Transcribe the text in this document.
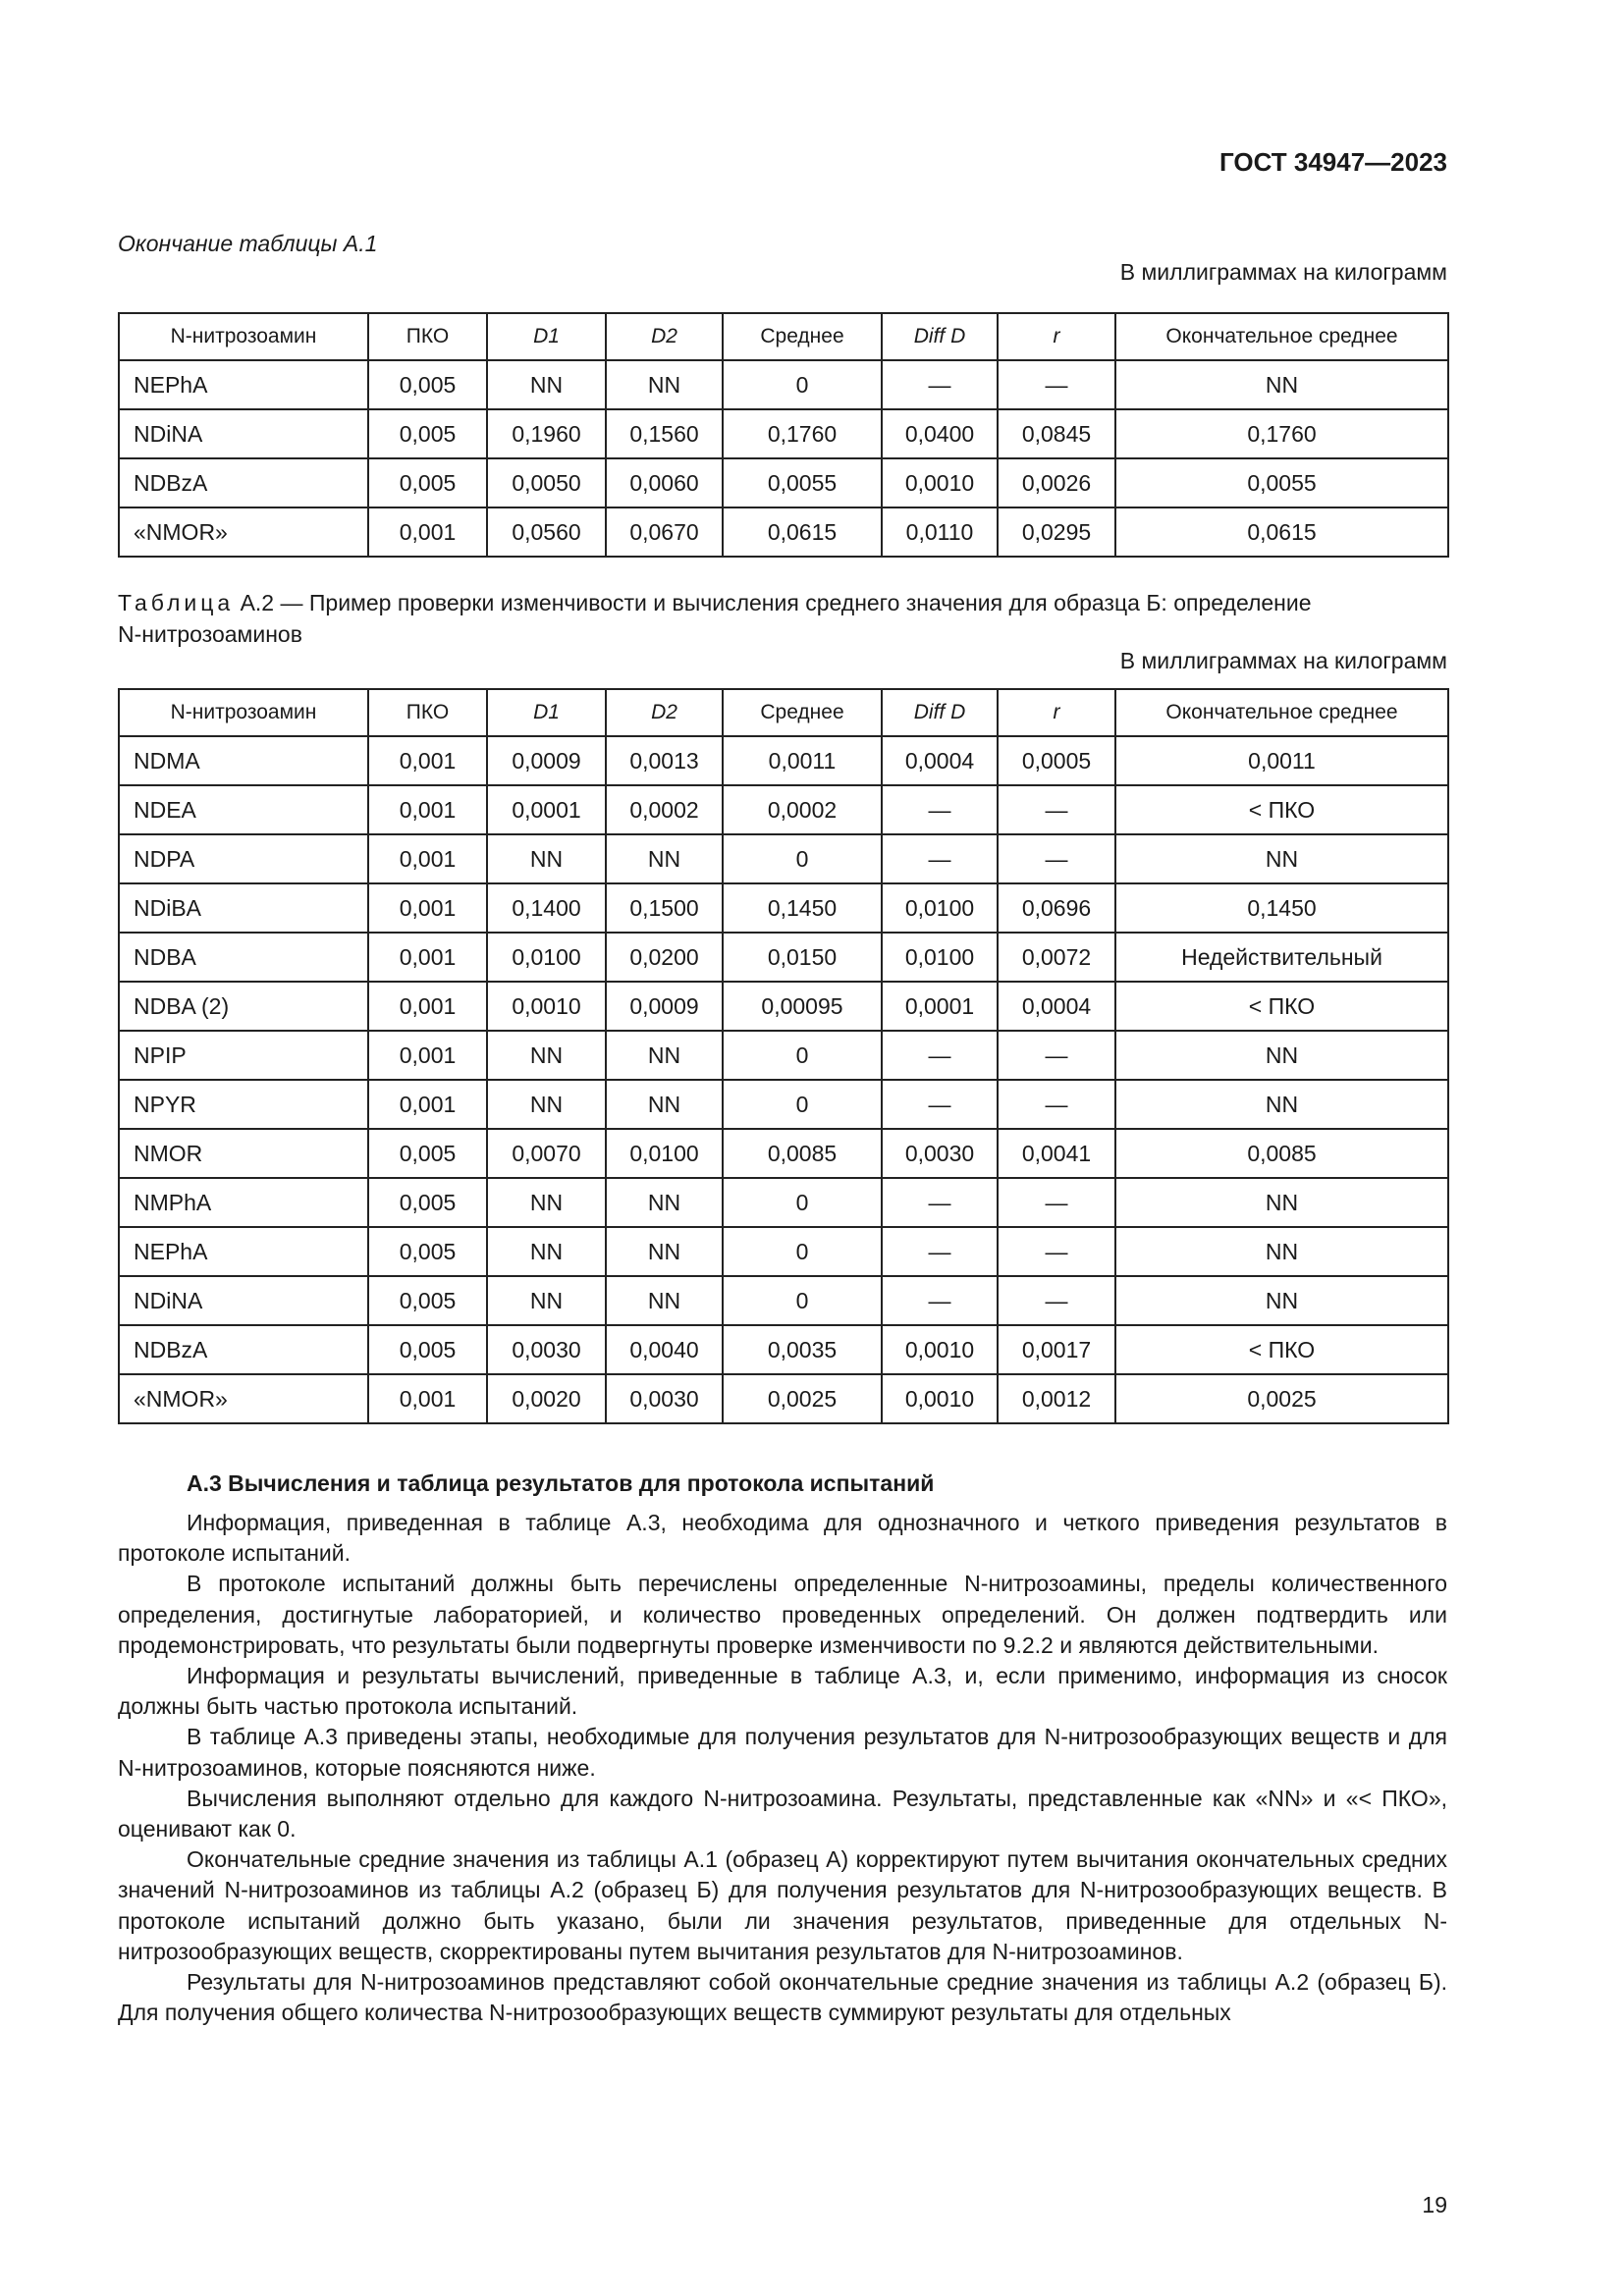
ГОСТ 34947—2023
Окончание таблицы А.1
В миллиграммах на килограмм
N-нитрозоамин	ПКО	D1	D2	Среднее	Diff D	r	Окончательное среднее
NEPhA	0,005	NN	NN	0	—	—	NN
NDiNA	0,005	0,1960	0,1560	0,1760	0,0400	0,0845	0,1760
NDBzA	0,005	0,0050	0,0060	0,0055	0,0010	0,0026	0,0055
«NMOR»	0,001	0,0560	0,0670	0,0615	0,0110	0,0295	0,0615
Таблица А.2 — Пример проверки изменчивости и вычисления среднего значения для образца Б: определение
N-нитрозоаминов
В миллиграммах на килограмм
N-нитрозоамин	ПКО	D1	D2	Среднее	Diff D	r	Окончательное среднее
NDMA	0,001	0,0009	0,0013	0,0011	0,0004	0,0005	0,0011
NDEA	0,001	0,0001	0,0002	0,0002	—	—	< ПКО
NDPA	0,001	NN	NN	0	—	—	NN
NDiBA	0,001	0,1400	0,1500	0,1450	0,0100	0,0696	0,1450
NDBA	0,001	0,0100	0,0200	0,0150	0,0100	0,0072	Недействительный
NDBA (2)	0,001	0,0010	0,0009	0,00095	0,0001	0,0004	< ПКО
NPIP	0,001	NN	NN	0	—	—	NN
NPYR	0,001	NN	NN	0	—	—	NN
NMOR	0,005	0,0070	0,0100	0,0085	0,0030	0,0041	0,0085
NMPhA	0,005	NN	NN	0	—	—	NN
NEPhA	0,005	NN	NN	0	—	—	NN
NDiNA	0,005	NN	NN	0	—	—	NN
NDBzA	0,005	0,0030	0,0040	0,0035	0,0010	0,0017	< ПКО
«NMOR»	0,001	0,0020	0,0030	0,0025	0,0010	0,0012	0,0025
А.3 Вычисления и таблица результатов для протокола испытаний

Информация, приведенная в таблице А.3, необходима для однозначного и четкого приведения результатов в протоколе испытаний.

В протоколе испытаний должны быть перечислены определенные N-нитрозоамины, пределы количественного определения, достигнутые лабораторией, и количество проведенных определений. Он должен подтвердить или продемонстрировать, что результаты были подвергнуты проверке изменчивости по 9.2.2 и являются действительными.

Информация и результаты вычислений, приведенные в таблице А.3, и, если применимо, информация из сносок должны быть частью протокола испытаний.

В таблице А.3 приведены этапы, необходимые для получения результатов для N-нитрозообразующих веществ и для N-нитрозоаминов, которые поясняются ниже.

Вычисления выполняют отдельно для каждого N-нитрозоамина. Результаты, представленные как «NN» и «< ПКО», оценивают как 0.

Окончательные средние значения из таблицы А.1 (образец А) корректируют путем вычитания окончательных средних значений N-нитрозоаминов из таблицы А.2 (образец Б) для получения результатов для N-нитрозообразующих веществ. В протоколе испытаний должно быть указано, были ли значения результатов, приведенные для отдельных N-нитрозообразующих веществ, скорректированы путем вычитания результатов для N-нитрозоаминов.

Результаты для N-нитрозоаминов представляют собой окончательные средние значения из таблицы А.2 (образец Б). Для получения общего количества N-нитрозообразующих веществ суммируют результаты для отдельных

19
